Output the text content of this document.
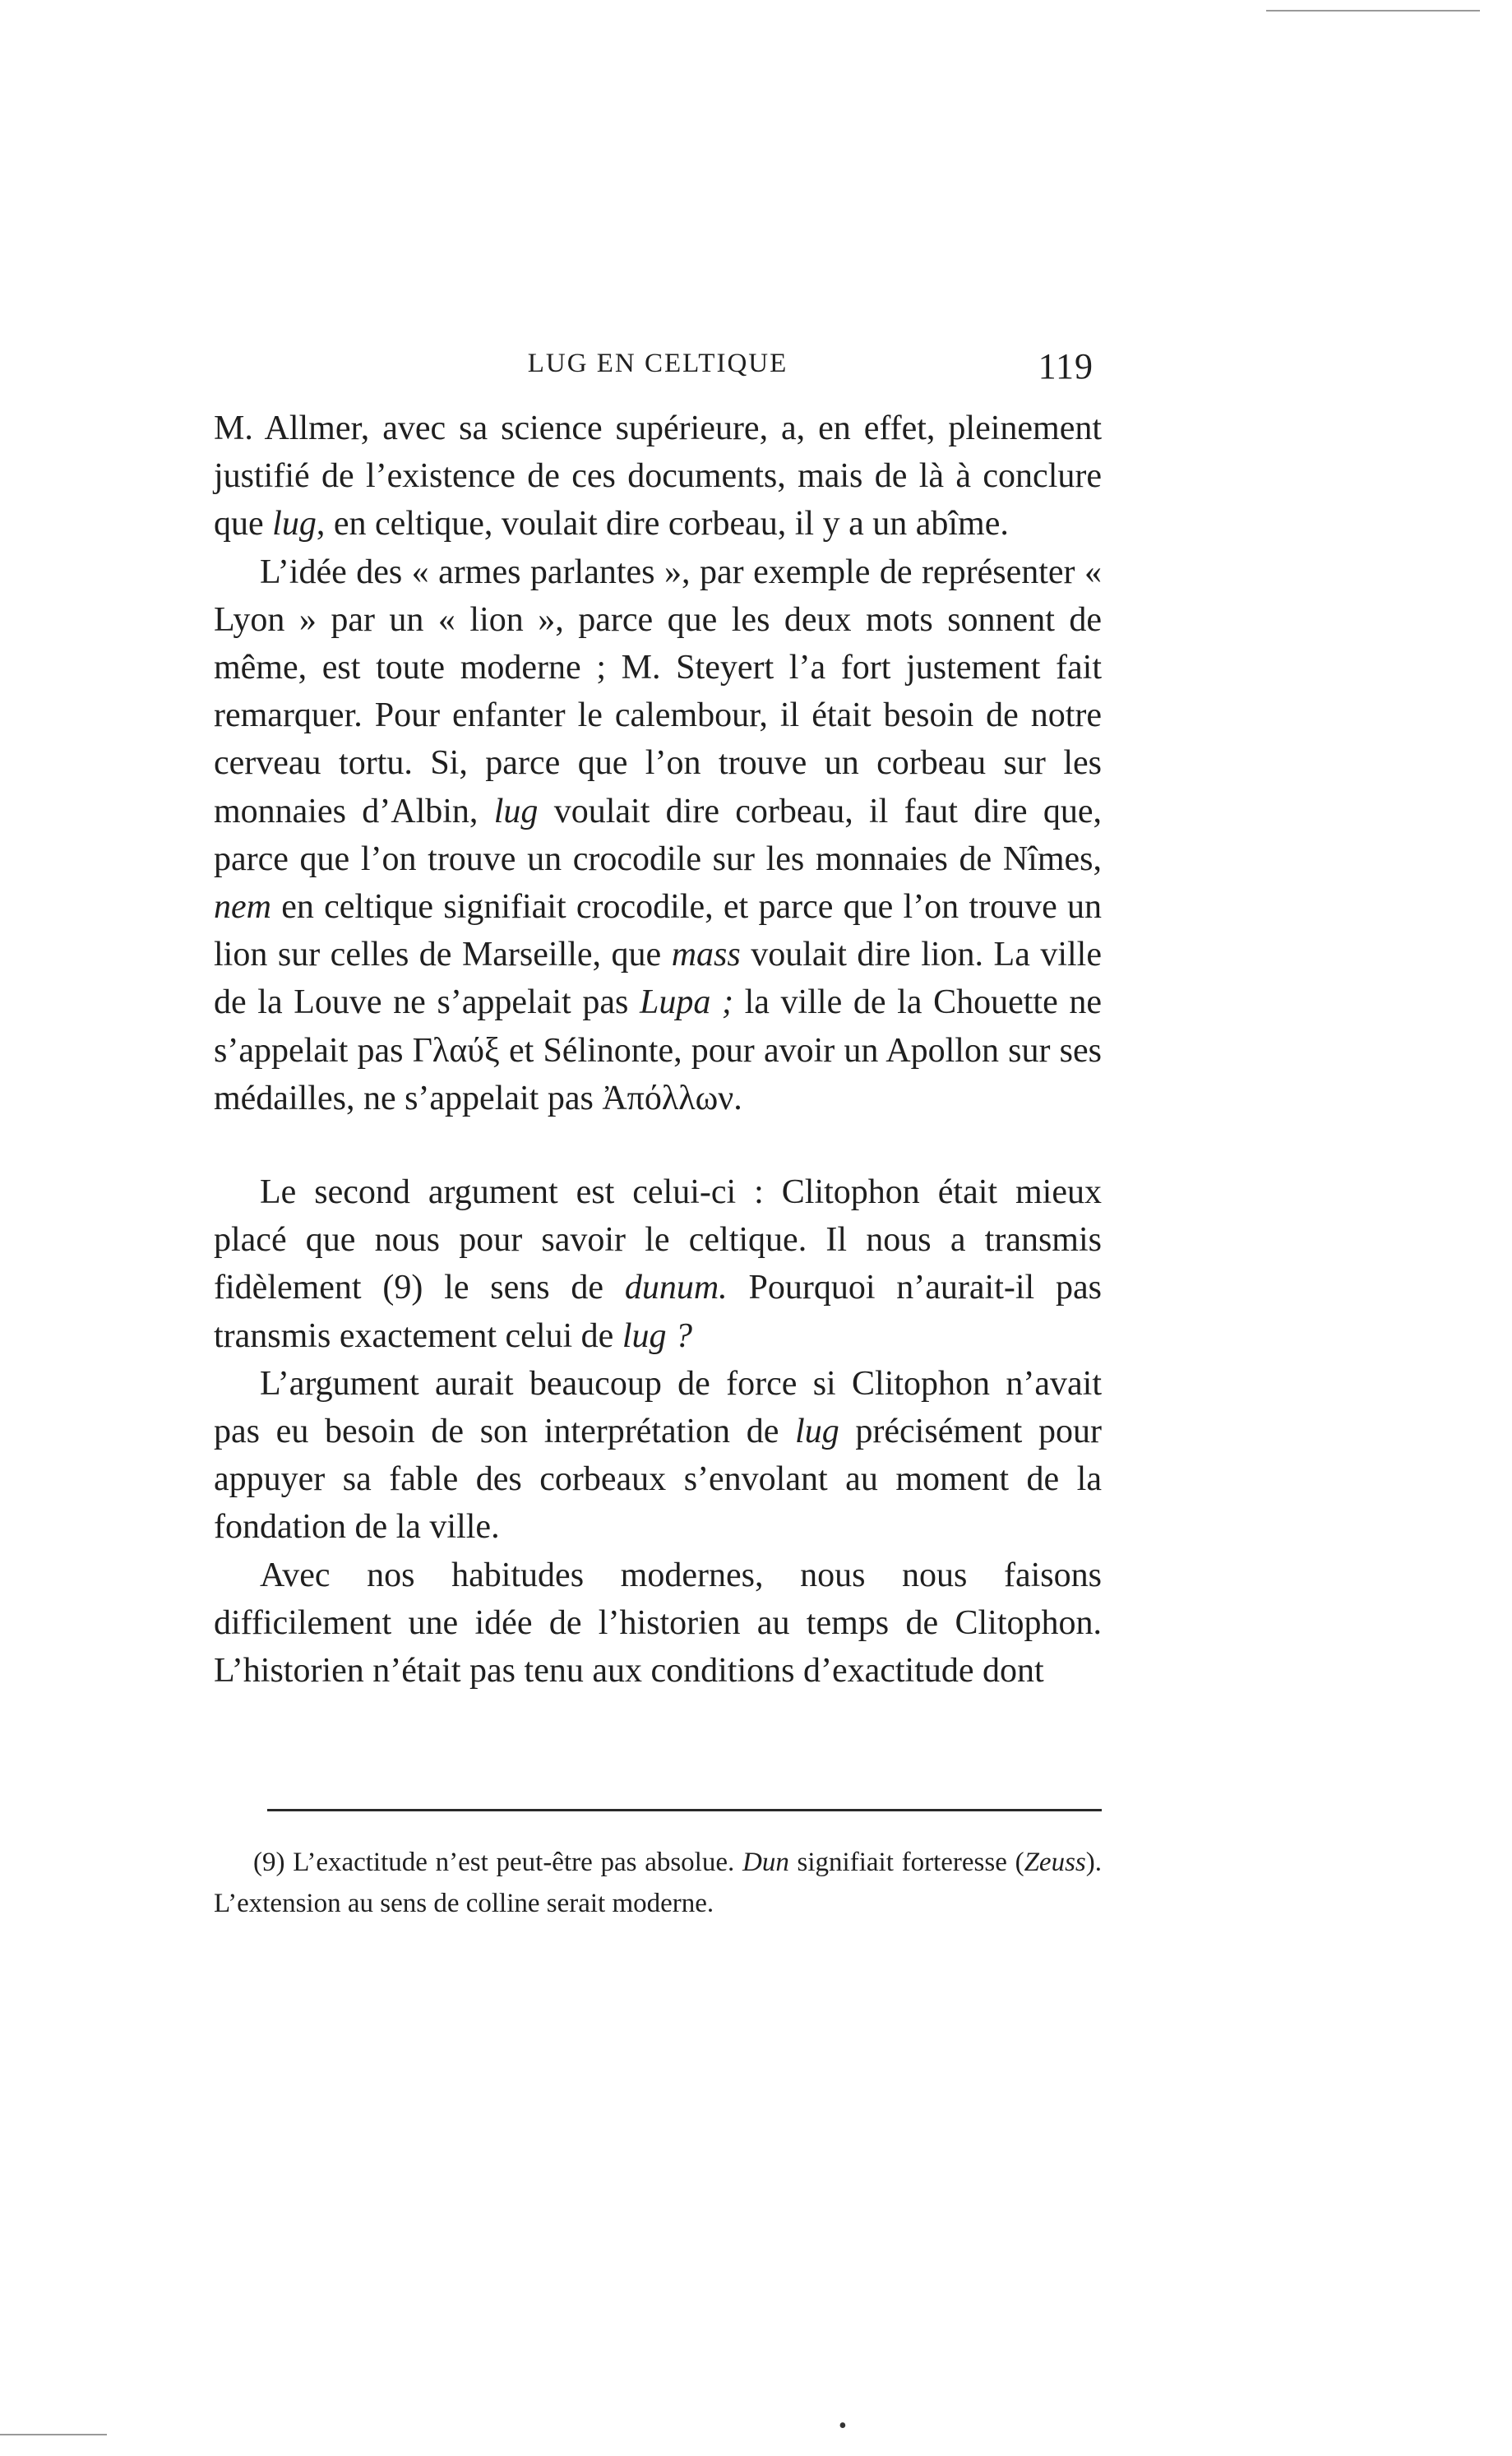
LUG EN CELTIQUE	119

M. Allmer, avec sa science supérieure, a, en effet, pleinement justifié de l’existence de ces documents, mais de là à conclure que lug, en celtique, voulait dire corbeau, il y a un abîme.

L’idée des « armes parlantes », par exemple de représenter « Lyon » par un « lion », parce que les deux mots sonnent de même, est toute moderne ; M. Steyert l’a fort justement fait remarquer. Pour enfanter le calembour, il était besoin de notre cerveau tortu. Si, parce que l’on trouve un corbeau sur les monnaies d’Albin, lug voulait dire corbeau, il faut dire que, parce que l’on trouve un crocodile sur les monnaies de Nîmes, nem en celtique signifiait crocodile, et parce que l’on trouve un lion sur celles de Marseille, que mass voulait dire lion. La ville de la Louve ne s’appelait pas Lupa ; la ville de la Chouette ne s’appelait pas Γλαύξ et Sélinonte, pour avoir un Apollon sur ses médailles, ne s’appelait pas Ἀπόλλων.

Le second argument est celui-ci : Clitophon était mieux placé que nous pour savoir le celtique. Il nous a transmis fidèlement (9) le sens de dunum. Pourquoi n’aurait-il pas transmis exactement celui de lug ?

L’argument aurait beaucoup de force si Clitophon n’avait pas eu besoin de son interprétation de lug précisément pour appuyer sa fable des corbeaux s’envolant au moment de la fondation de la ville.

Avec nos habitudes modernes, nous nous faisons difficilement une idée de l’historien au temps de Clitophon. L’historien n’était pas tenu aux conditions d’exactitude dont

(9) L’exactitude n’est peut-être pas absolue. Dun signifiait forteresse (Zeuss). L’extension au sens de colline serait moderne.

•
